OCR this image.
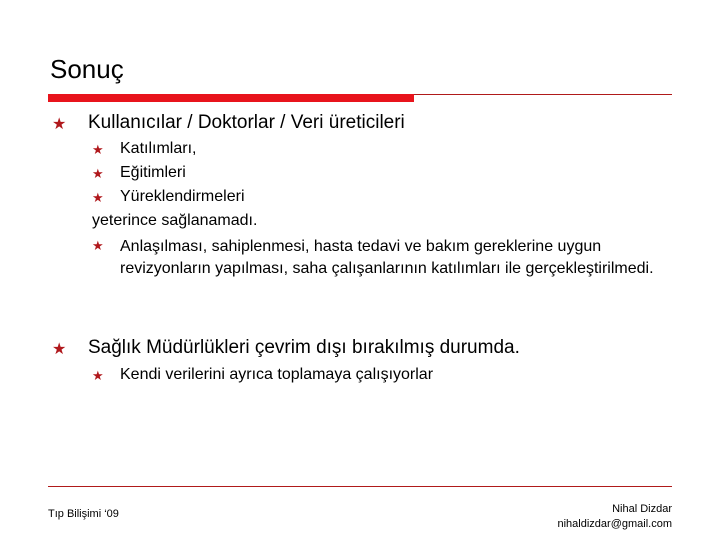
Sonuç
★ Kullanıcılar / Doktorlar / Veri üreticileri
★ Katılımları,
★ Eğitimleri
★ Yüreklendirmeleri
yeterince sağlanamadı.
★ Anlaşılması, sahiplenmesi, hasta tedavi ve bakım gereklerine uygun revizyonların yapılması, saha çalışanlarının katılımları ile gerçekleştirilmedi.
★ Sağlık Müdürlükleri çevrim dışı bırakılmış durumda.
★ Kendi verilerini ayrıca toplamaya çalışıyorlar
Tıp Bilişimi ‘09	Nihal Dizdar
nihaldizdar@gmail.com
